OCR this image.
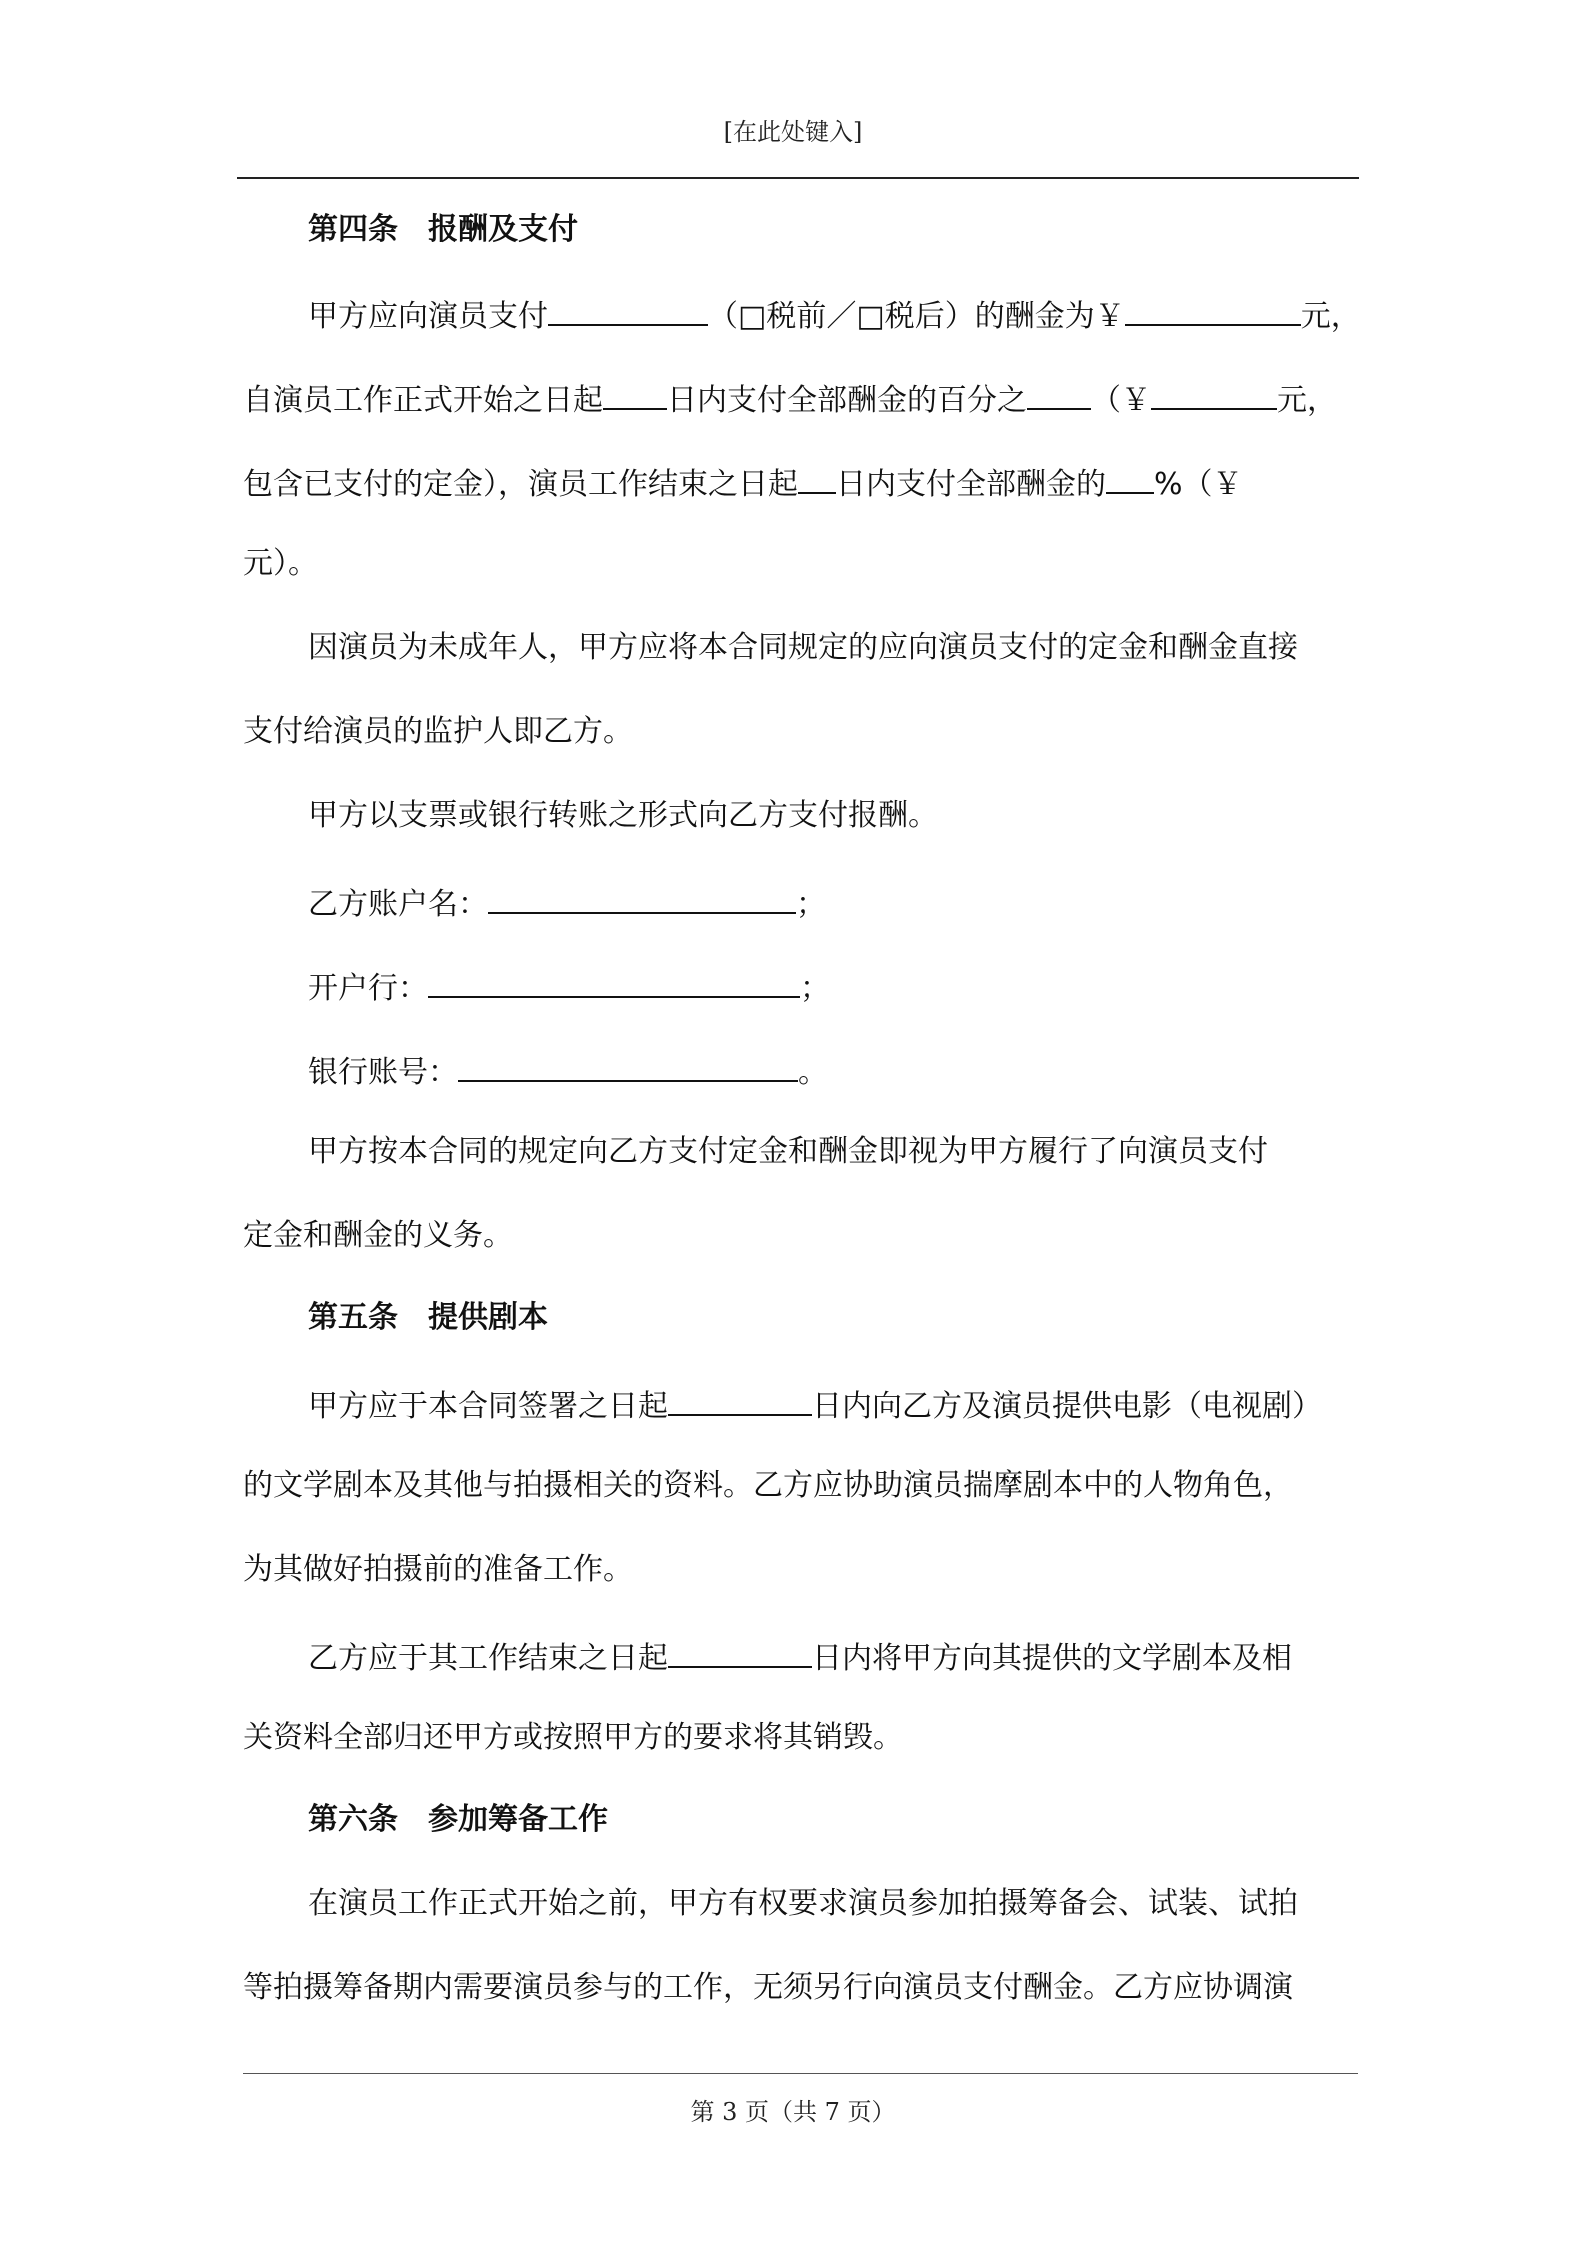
[在此处键入]
第四条　报酬及支付
甲方应向演员支付	（□税前／□税后）的酬金为￥	元，
自演员工作正式开始之日起 日内支付全部酬金的百分之 （￥	元，
包含已支付的定金），演员工作结束之日起 日内支付全部酬金的 %（￥
元）。
因演员为未成年人，甲方应将本合同规定的应向演员支付的定金和酬金直接
支付给演员的监护人即乙方。
甲方以支票或银行转账之形式向乙方支付报酬。
乙方账户名：	；
开户行：	；
银行账号：	。
甲方按本合同的规定向乙方支付定金和酬金即视为甲方履行了向演员支付
定金和酬金的义务。
第五条　提供剧本
甲方应于本合同签署之日起	日内向乙方及演员提供电影（电视剧）
的文学剧本及其他与拍摄相关的资料。乙方应协助演员揣摩剧本中的人物角色，
为其做好拍摄前的准备工作。
乙方应于其工作结束之日起	日内将甲方向其提供的文学剧本及相
关资料全部归还甲方或按照甲方的要求将其销毁。
第六条　参加筹备工作
在演员工作正式开始之前，甲方有权要求演员参加拍摄筹备会、试装、试拍
等拍摄筹备期内需要演员参与的工作，无须另行向演员支付酬金。乙方应协调演
第 3 页（共 7 页）
